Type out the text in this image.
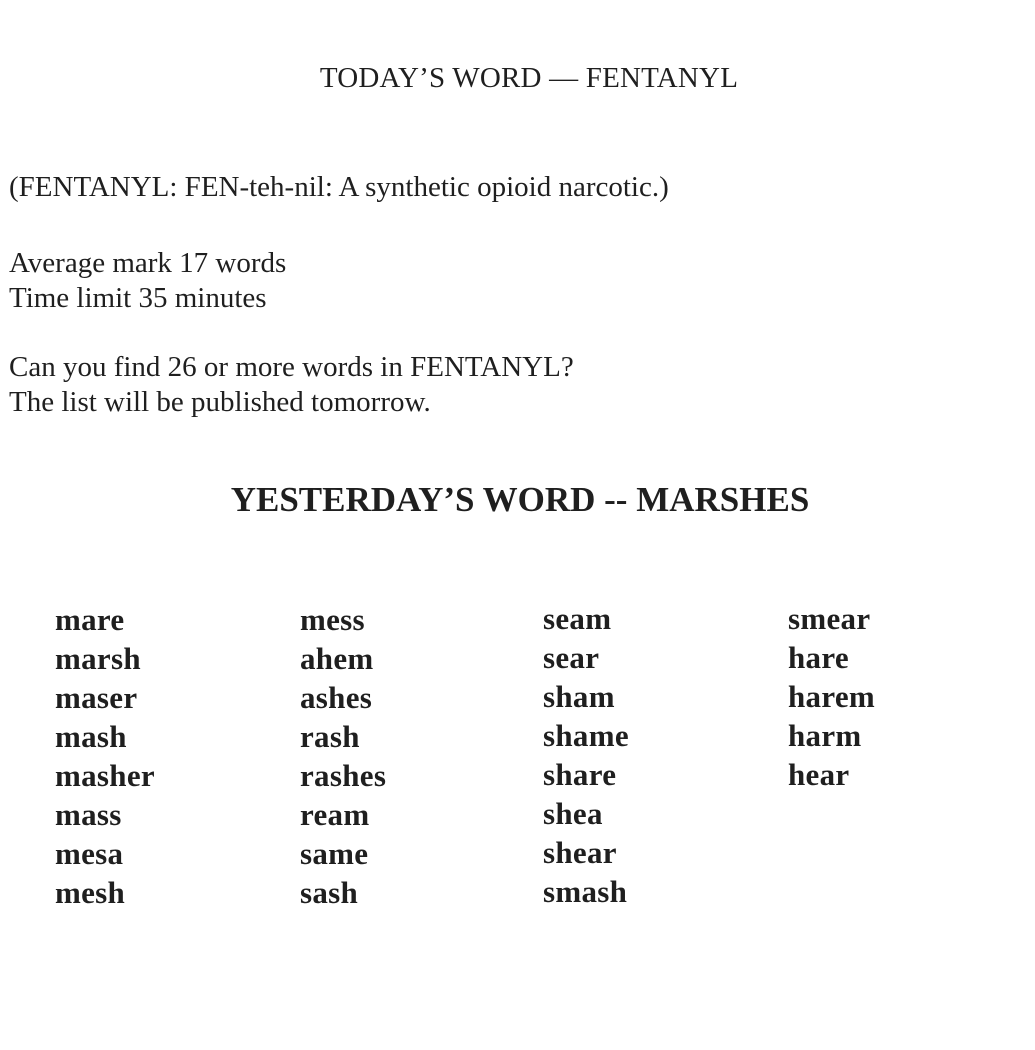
TODAY’S WORD — FENTANYL
(FENTANYL: FEN-teh-nil: A synthetic opioid narcotic.)
Average mark 17 words
Time limit 35 minutes
Can you find 26 or more words in FENTANYL?
The list will be published tomorrow.
YESTERDAY’S WORD -- MARSHES
mare
marsh
maser
mash
masher
mass
mesa
mesh
mess
ahem
ashes
rash
rashes
ream
same
sash
seam
sear
sham
shame
share
shea
shear
smash
smear
hare
harem
harm
hear
